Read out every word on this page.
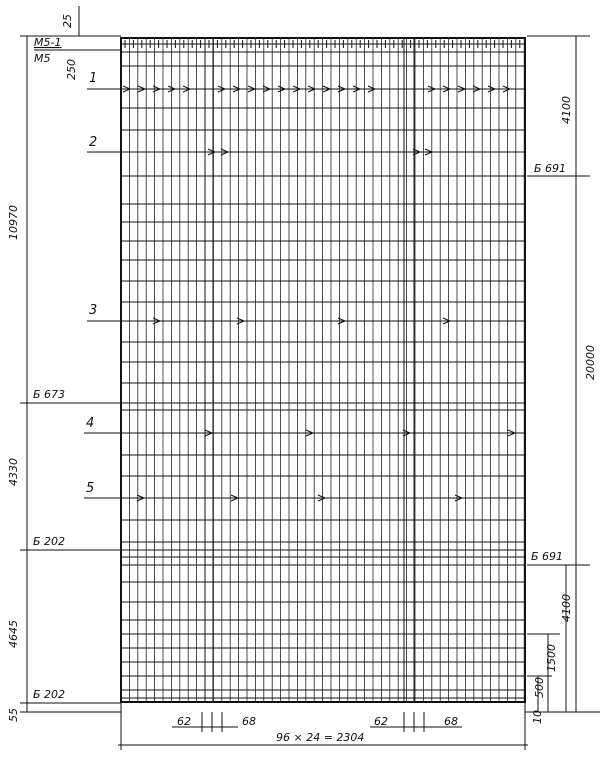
25
M5-1
M5
250
10970
Б 673
4330
Б 202
4645
Б 202
55
4100
Б 691
20000
Б 691
4100
1500
500
96 × 24 = 2304
62	68	62	68	10
1
2
3
4
5
